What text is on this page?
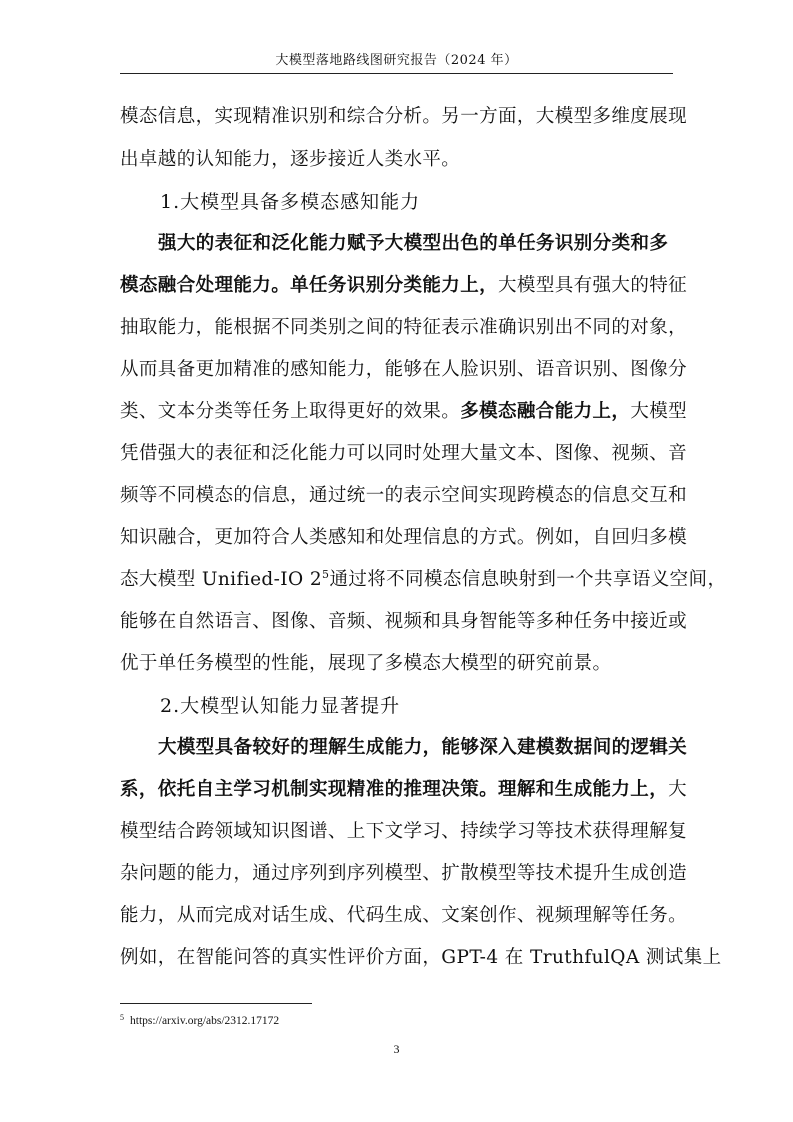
大模型落地路线图研究报告（2024 年）
模态信息，实现精准识别和综合分析。另一方面，大模型多维度展现
出卓越的认知能力，逐步接近人类水平。
1.大模型具备多模态感知能力
强大的表征和泛化能力赋予大模型出色的单任务识别分类和多
模态融合处理能力。单任务识别分类能力上，大模型具有强大的特征
抽取能力，能根据不同类别之间的特征表示准确识别出不同的对象，
从而具备更加精准的感知能力，能够在人脸识别、语音识别、图像分
类、文本分类等任务上取得更好的效果。多模态融合能力上，大模型
凭借强大的表征和泛化能力可以同时处理大量文本、图像、视频、音
频等不同模态的信息，通过统一的表示空间实现跨模态的信息交互和
知识融合，更加符合人类感知和处理信息的方式。例如，自回归多模
态大模型 Unified-IO $2^5$通过将不同模态信息映射到一个共享语义空间，
能够在自然语言、图像、音频、视频和具身智能等多种任务中接近或
优于单任务模型的性能，展现了多模态大模型的研究前景。
2.大模型认知能力显著提升
大模型具备较好的理解生成能力，能够深入建模数据间的逻辑关
系，依托自主学习机制实现精准的推理决策。理解和生成能力上，大
模型结合跨领域知识图谱、上下文学习、持续学习等技术获得理解复
杂问题的能力，通过序列到序列模型、扩散模型等技术提升生成创造
能力，从而完成对话生成、代码生成、文案创作、视频理解等任务。
例如，在智能问答的真实性评价方面，GPT-4 在 TruthfulQA 测试集上
$^5$ https://arxiv.org/abs/2312.17172
3
